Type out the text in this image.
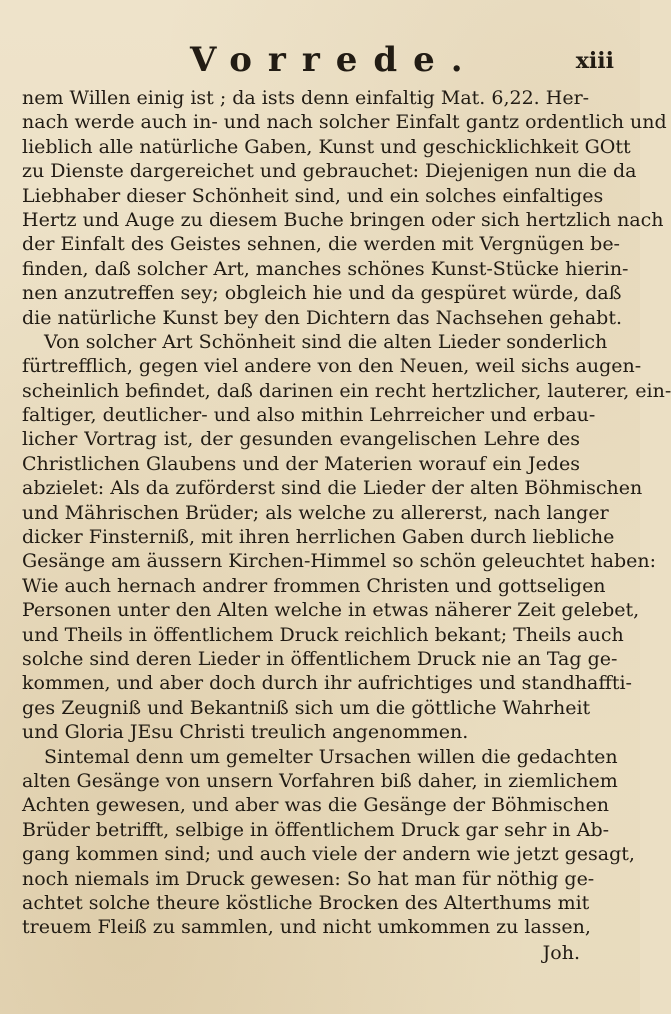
Vorrede.	xiii
nem Willen einig ist ; da ists denn einfaltig Mat. 6,22. Her-
nach werde auch in- und nach solcher Einfalt gantz ordentlich und
lieblich alle natürliche Gaben, Kunst und geschicklichkeit GOtt
zu Dienste dargereichet und gebrauchet: Diejenigen nun die da
Liebhaber dieser Schönheit sind, und ein solches einfaltiges
Hertz und Auge zu diesem Buche bringen oder sich hertzlich nach
der Einfalt des Geistes sehnen, die werden mit Vergnügen be-
finden, daß solcher Art, manches schönes Kunst-Stücke hierin-
nen anzutreffen sey; obgleich hie und da gespüret würde, daß
die natürliche Kunst bey den Dichtern das Nachsehen gehabt.
Von solcher Art Schönheit sind die alten Lieder sonderlich
fürtrefflich, gegen viel andere von den Neuen, weil sichs augen-
scheinlich befindet, daß darinen ein recht hertzlicher, lauterer, ein-
faltiger, deutlicher- und also mithin Lehrreicher und erbau-
licher Vortrag ist, der gesunden evangelischen Lehre des
Christlichen Glaubens und der Materien worauf ein Jedes
abzielet: Als da zuförderst sind die Lieder der alten Böhmischen
und Mährischen Brüder; als welche zu allererst, nach langer
dicker Finsterniß, mit ihren herrlichen Gaben durch liebliche
Gesänge am äussern Kirchen-Himmel so schön geleuchtet haben:
Wie auch hernach andrer frommen Christen und gottseligen
Personen unter den Alten welche in etwas näherer Zeit gelebet,
und Theils in öffentlichem Druck reichlich bekant; Theils auch
solche sind deren Lieder in öffentlichem Druck nie an Tag ge-
kommen, und aber doch durch ihr aufrichtiges und standhaffti-
ges Zeugniß und Bekantniß sich um die göttliche Wahrheit
und Gloria JEsu Christi treulich angenommen.
Sintemal denn um gemelter Ursachen willen die gedachten
alten Gesänge von unsern Vorfahren biß daher, in ziemlichem
Achten gewesen, und aber was die Gesänge der Böhmischen
Brüder betrifft, selbige in öffentlichem Druck gar sehr in Ab-
gang kommen sind; und auch viele der andern wie jetzt gesagt,
noch niemals im Druck gewesen: So hat man für nöthig ge-
achtet solche theure köstliche Brocken des Alterthums mit
treuem Fleiß zu sammlen, und nicht umkommen zu lassen,
Joh.
